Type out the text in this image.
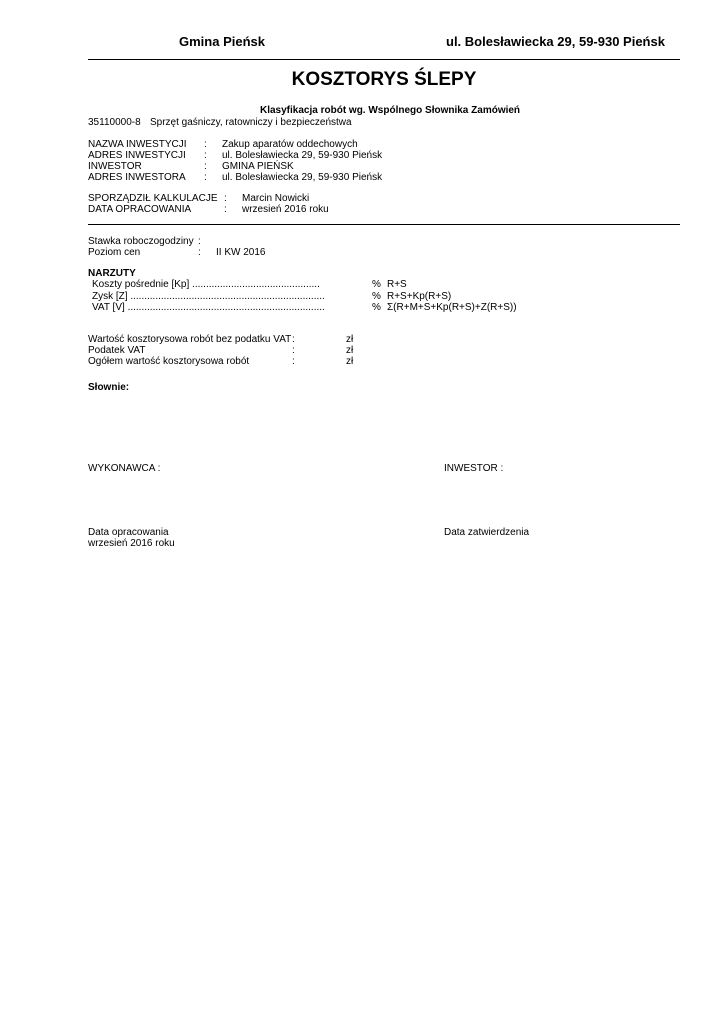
Gmina Pieńsk	ul. Bolesławiecka 29, 59-930 Pieńsk
KOSZTORYS ŚLEPY
Klasyfikacja robót wg. Wspólnego Słownika Zamówień
35110000-8 Sprzęt gaśniczy, ratowniczy i bezpieczeństwa
NAZWA INWESTYCJI : Zakup aparatów oddechowych
ADRES INWESTYCJI : ul. Bolesławiecka 29, 59-930 Pieńsk
INWESTOR	: GMINA PIEŃSK
ADRES INWESTORA : ul. Bolesławiecka 29, 59-930 Pieńsk
SPORZĄDZIŁ KALKULACJE : Marcin Nowicki
DATA OPRACOWANIA	: wrzesień 2016 roku
Stawka roboczogodziny :
Poziom cen	: II KW 2016
NARZUTY
Koszty pośrednie [Kp] ..............................................	% R+S
Zysk [Z] ......................................................................	% R+S+Kp(R+S)
VAT [V] .......................................................................	% Σ(R+M+S+Kp(R+S)+Z(R+S))
Wartość kosztorysowa robót bez podatku VAT :	zł
Podatek VAT	:	zł
Ogółem wartość kosztorysowa robót	:	zł
Słownie:
WYKONAWCA :	INWESTOR :
Data opracowania
wrzesień 2016 roku
Data zatwierdzenia
